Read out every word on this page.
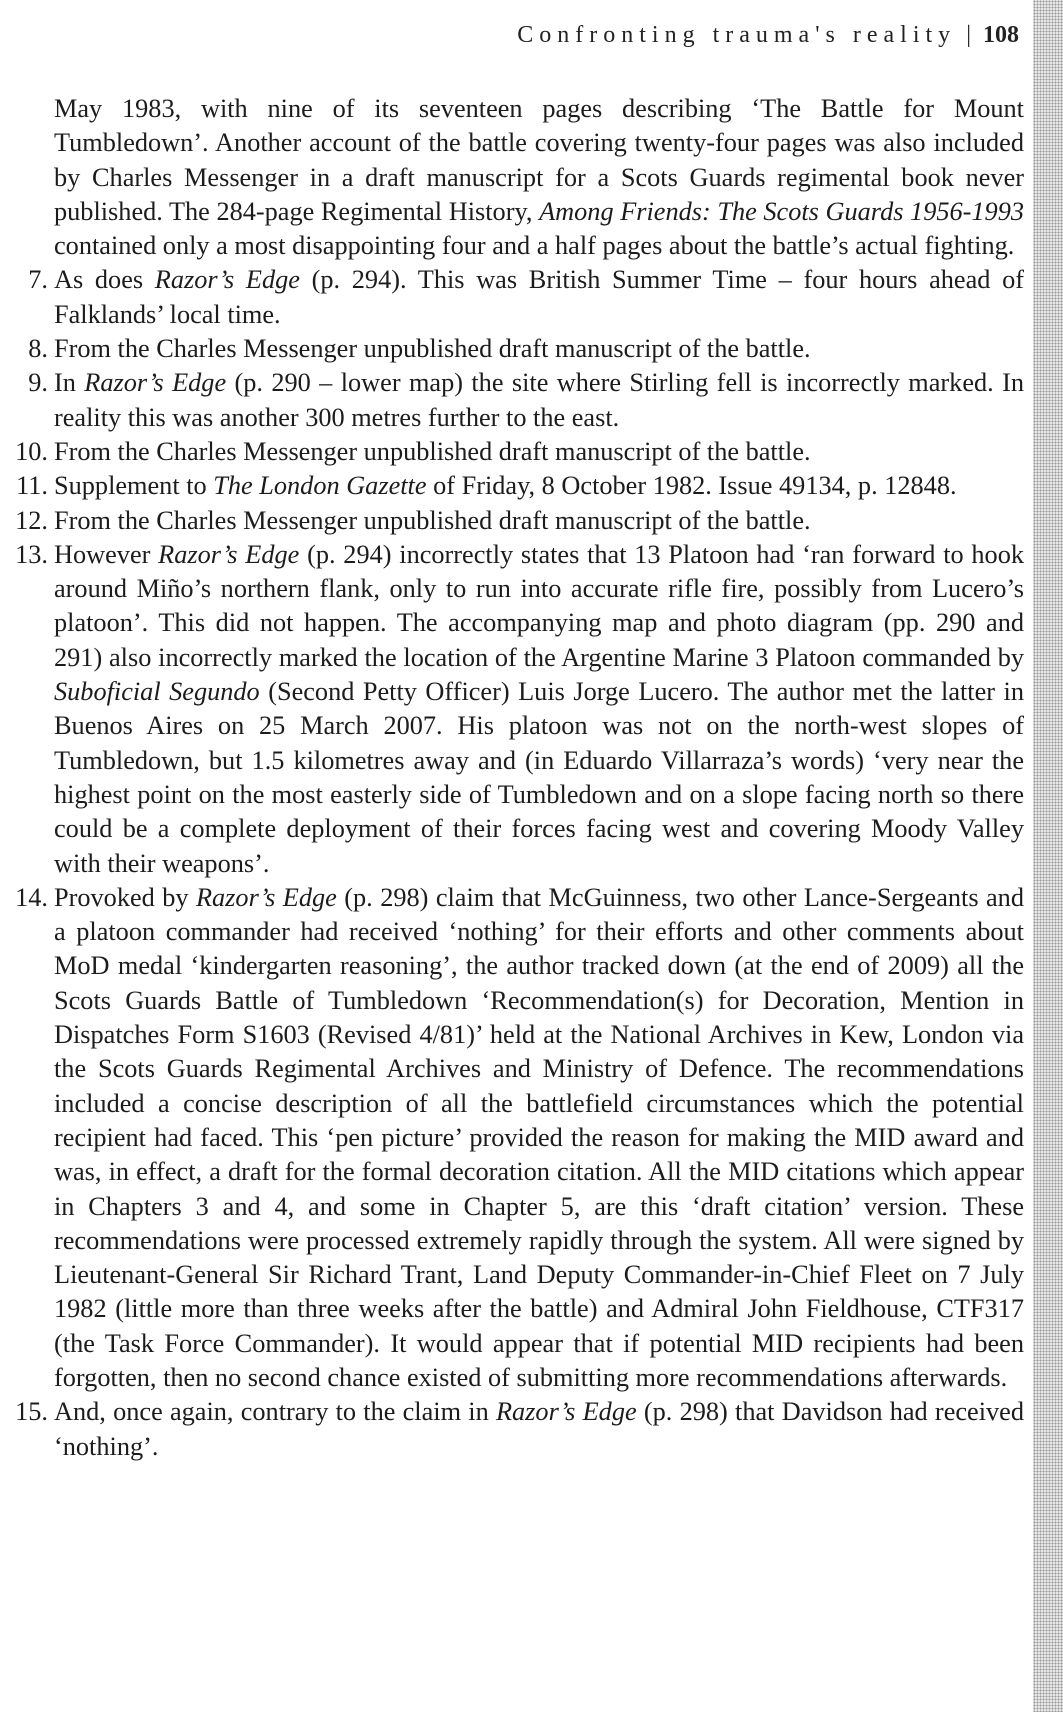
Confronting trauma's reality | 108
May 1983, with nine of its seventeen pages describing ‘The Battle for Mount Tumbledown’. Another account of the battle covering twenty-four pages was also included by Charles Messenger in a draft manuscript for a Scots Guards regimental book never published. The 284-page Regimental History, Among Friends: The Scots Guards 1956-1993 contained only a most disappointing four and a half pages about the battle’s actual fighting.
7 . As does Razor’s Edge (p. 294). This was British Summer Time – four hours ahead of Falklands’ local time.
8 . From the Charles Messenger unpublished draft manuscript of the battle.
9 . In Razor’s Edge (p. 290 – lower map) the site where Stirling fell is incorrectly marked. In reality this was another 300 metres further to the east.
10 . From the Charles Messenger unpublished draft manuscript of the battle.
11 . Supplement to The London Gazette of Friday, 8 October 1982. Issue 49134, p. 12848.
12 . From the Charles Messenger unpublished draft manuscript of the battle.
13 . However Razor’s Edge (p. 294) incorrectly states that 13 Platoon had ‘ran forward to hook around Miño’s northern flank, only to run into accurate rifle fire, possibly from Lucero’s platoon’. This did not happen. The accompanying map and photo diagram (pp. 290 and 291) also incorrectly marked the location of the Argentine Marine 3 Platoon commanded by Suboficial Segundo (Second Petty Officer) Luis Jorge Lucero. The author met the latter in Buenos Aires on 25 March 2007. His platoon was not on the north-west slopes of Tumbledown, but 1.5 kilometres away and (in Eduardo Villarraza’s words) ‘very near the highest point on the most easterly side of Tumbledown and on a slope facing north so there could be a complete deployment of their forces facing west and covering Moody Valley with their weapons’.
14 . Provoked by Razor’s Edge (p. 298) claim that McGuinness, two other Lance-Sergeants and a platoon commander had received ‘nothing’ for their efforts and other comments about MoD medal ‘kindergarten reasoning’, the author tracked down (at the end of 2009) all the Scots Guards Battle of Tumbledown ‘Recommendation(s) for Decoration, Mention in Dispatches Form S1603 (Revised 4/81)’ held at the National Archives in Kew, London via the Scots Guards Regimental Archives and Ministry of Defence. The recommendations included a concise description of all the battlefield circumstances which the potential recipient had faced. This ‘pen picture’ provided the reason for making the MID award and was, in effect, a draft for the formal decoration citation. All the MID citations which appear in Chapters 3 and 4, and some in Chapter 5, are this ‘draft citation’ version. These recommendations were processed extremely rapidly through the system. All were signed by Lieutenant-General Sir Richard Trant, Land Deputy Commander-in-Chief Fleet on 7 July 1982 (little more than three weeks after the battle) and Admiral John Fieldhouse, CTF317 (the Task Force Commander). It would appear that if potential MID recipients had been forgotten, then no second chance existed of submitting more recommendations afterwards.
15 . And, once again, contrary to the claim in Razor’s Edge (p. 298) that Davidson had received ‘nothing’.
